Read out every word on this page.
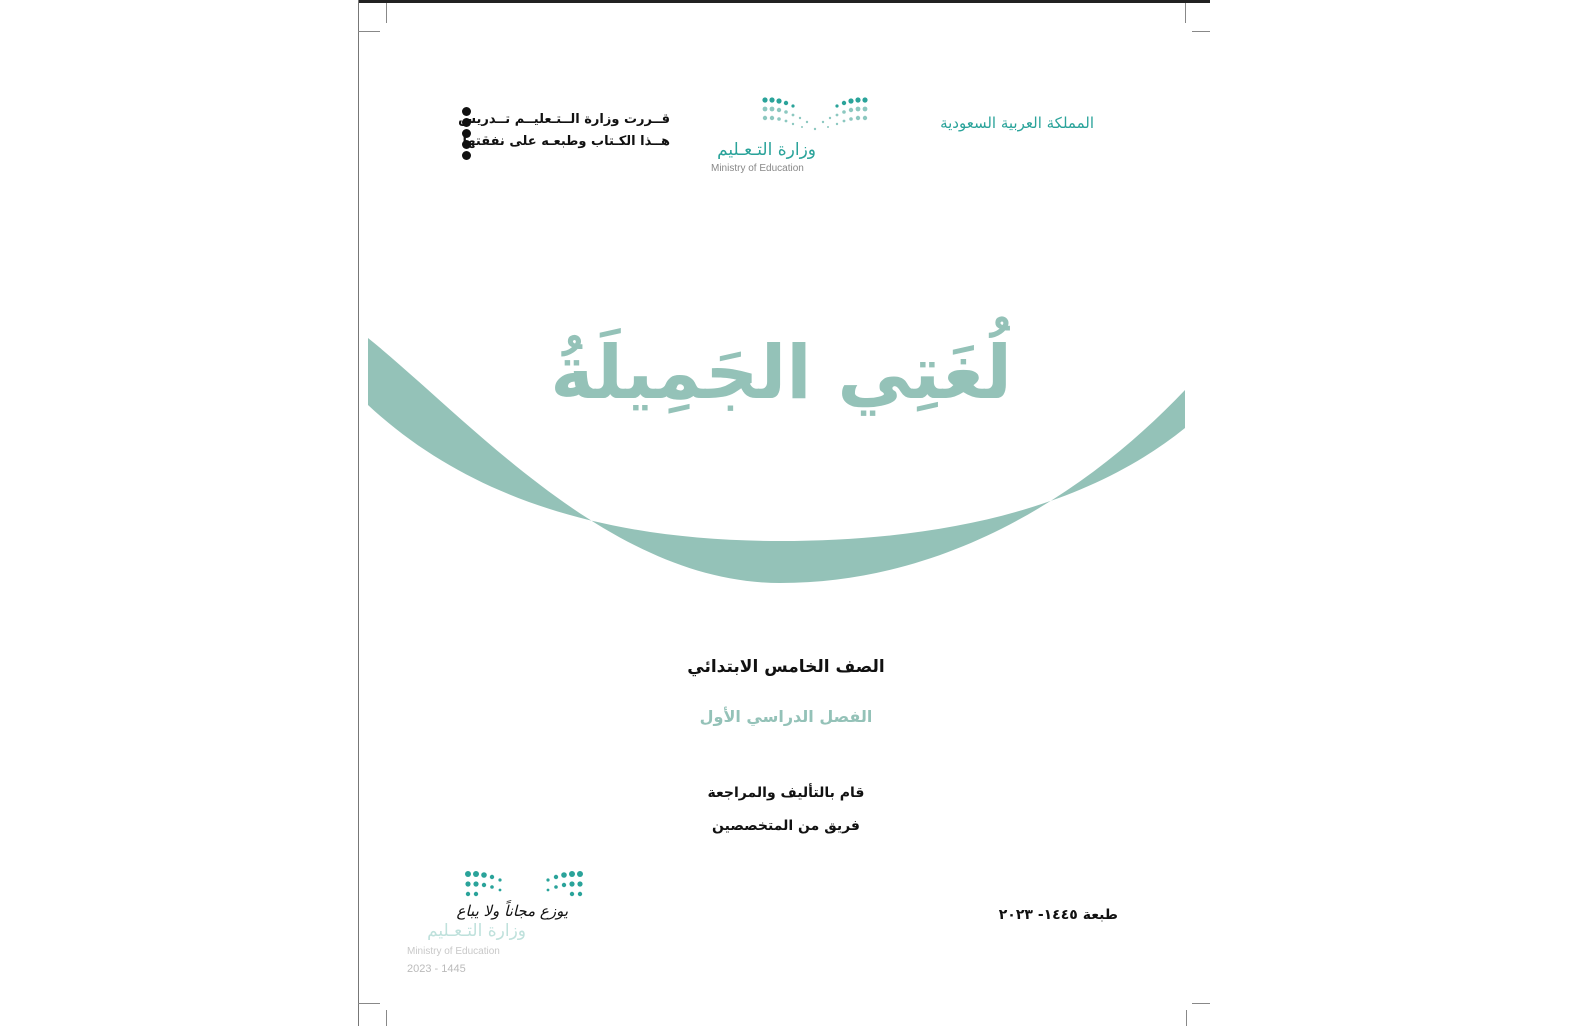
قــررت وزارة الــتـعليــم تــدريس
هــذا الكـتاب وطبعـه على نفقتها	وزارة التـعـليم
Ministry of Education
المملكة العربية السعودية
لُغَتِي الجَمِيلَةُ
الصف الخامس الابتدائي
الفصل الدراسي الأول
قام بالتأليف والمراجعة
فريق من المتخصصين
طبعة ١٤٤٥- ٢٠٢٣
يوزع مجاناً ولا يباع
وزارة التـعـليم
Ministry of Education
2023 - 1445
